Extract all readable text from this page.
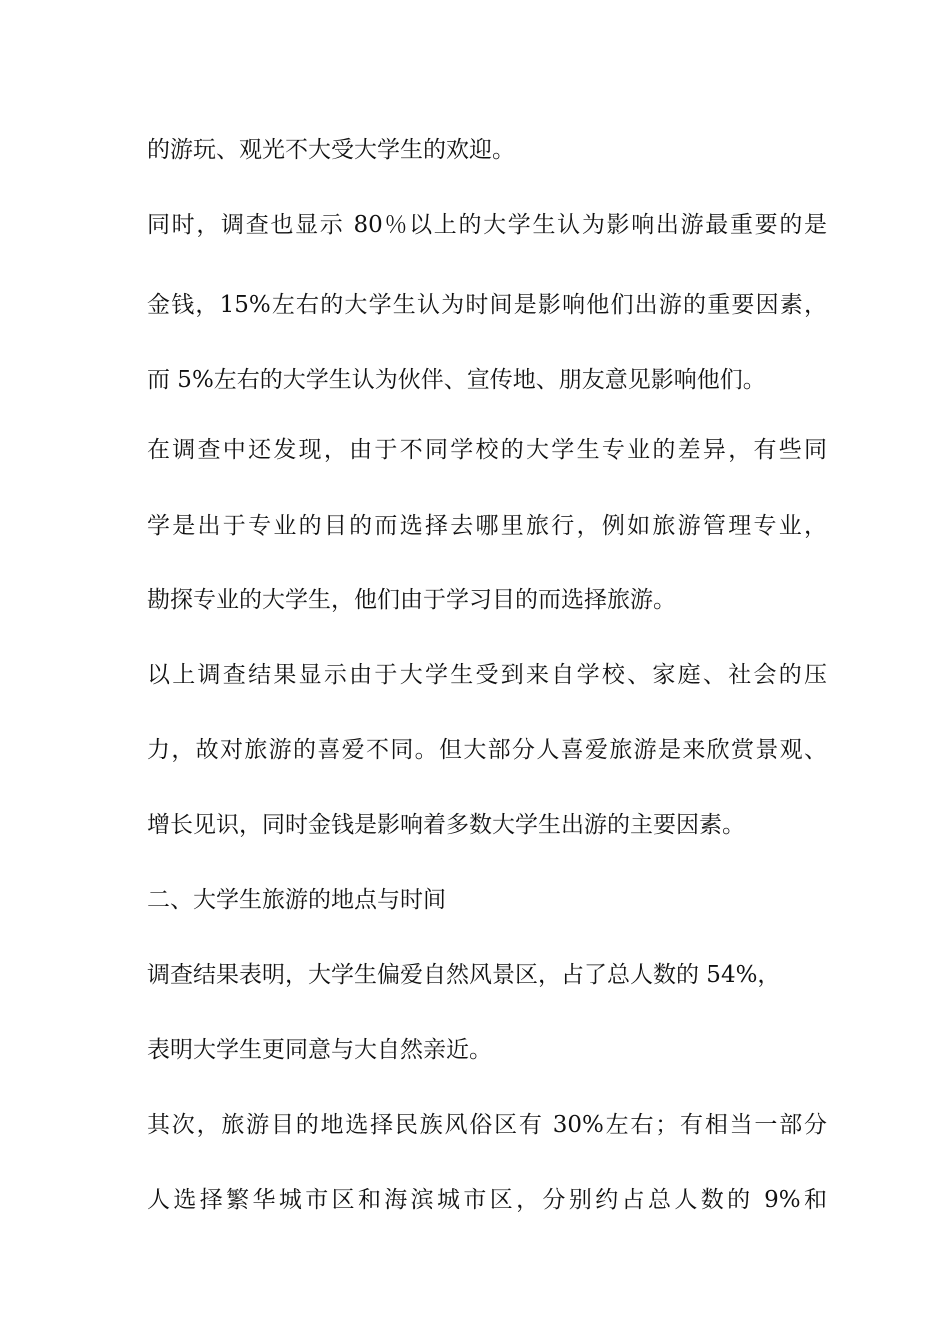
的游玩、观光不大受大学生的欢迎。
同时，调查也显示 80％以上的大学生认为影响出游最重要的是
金钱，15%左右的大学生认为时间是影响他们出游的重要因素，
而 5%左右的大学生认为伙伴、宣传地、朋友意见影响他们。
在调查中还发现，由于不同学校的大学生专业的差异，有些同
学是出于专业的目的而选择去哪里旅行，例如旅游管理专业，
勘探专业的大学生，他们由于学习目的而选择旅游。
以上调查结果显示由于大学生受到来自学校、家庭、社会的压
力，故对旅游的喜爱不同。但大部分人喜爱旅游是来欣赏景观、
增长见识，同时金钱是影响着多数大学生出游的主要因素。
二、大学生旅游的地点与时间
调查结果表明，大学生偏爱自然风景区，占了总人数的 54%，
表明大学生更同意与大自然亲近。
其次，旅游目的地选择民族风俗区有 30%左右；有相当一部分
人选择繁华城市区和海滨城市区，分别约占总人数的 9%和
